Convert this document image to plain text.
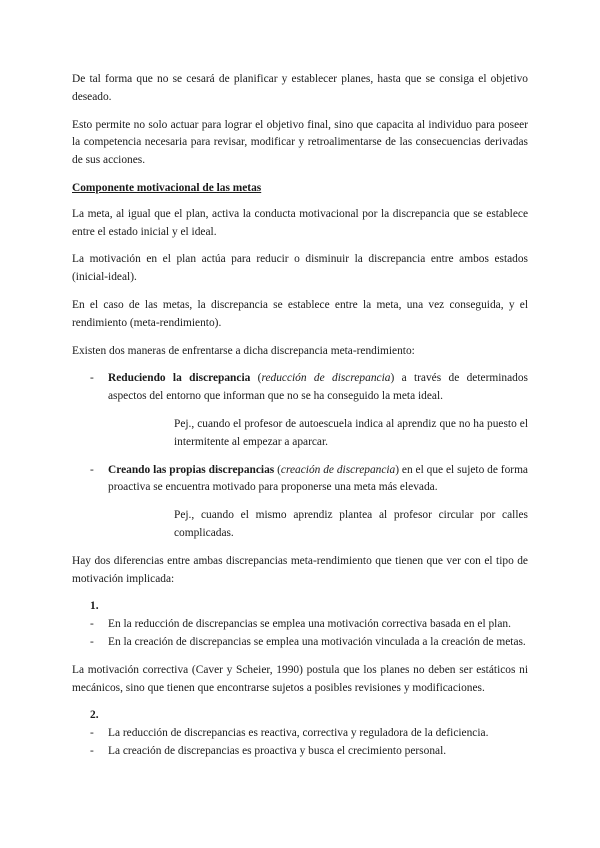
De tal forma que no se cesará de planificar y establecer planes, hasta que se consiga el objetivo deseado.

Esto permite no solo actuar para lograr el objetivo final, sino que capacita al individuo para poseer la competencia necesaria para revisar, modificar y retroalimentarse de las consecuencias derivadas de sus acciones.

Componente motivacional de las metas

La meta, al igual que el plan, activa la conducta motivacional por la discrepancia que se establece entre el estado inicial y el ideal.

La motivación en el plan actúa para reducir o disminuir la discrepancia entre ambos estados (inicial-ideal).

En el caso de las metas, la discrepancia se establece entre la meta, una vez conseguida, y el rendimiento (meta-rendimiento).

Existen dos maneras de enfrentarse a dicha discrepancia meta-rendimiento:

- Reduciendo la discrepancia (reducción de discrepancia) a través de determinados aspectos del entorno que informan que no se ha conseguido la meta ideal.
Pej., cuando el profesor de autoescuela indica al aprendiz que no ha puesto el intermitente al empezar a aparcar.
- Creando las propias discrepancias (creación de discrepancia) en el que el sujeto de forma proactiva se encuentra motivado para proponerse una meta más elevada.
Pej., cuando el mismo aprendiz plantea al profesor circular por calles complicadas.

Hay dos diferencias entre ambas discrepancias meta-rendimiento que tienen que ver con el tipo de motivación implicada:

1.
- En la reducción de discrepancias se emplea una motivación correctiva basada en el plan.
- En la creación de discrepancias se emplea una motivación vinculada a la creación de metas.

La motivación correctiva (Caver y Scheier, 1990) postula que los planes no deben ser estáticos ni mecánicos, sino que tienen que encontrarse sujetos a posibles revisiones y modificaciones.

2.
- La reducción de discrepancias es reactiva, correctiva y reguladora de la deficiencia.
- La creación de discrepancias es proactiva y busca el crecimiento personal.
